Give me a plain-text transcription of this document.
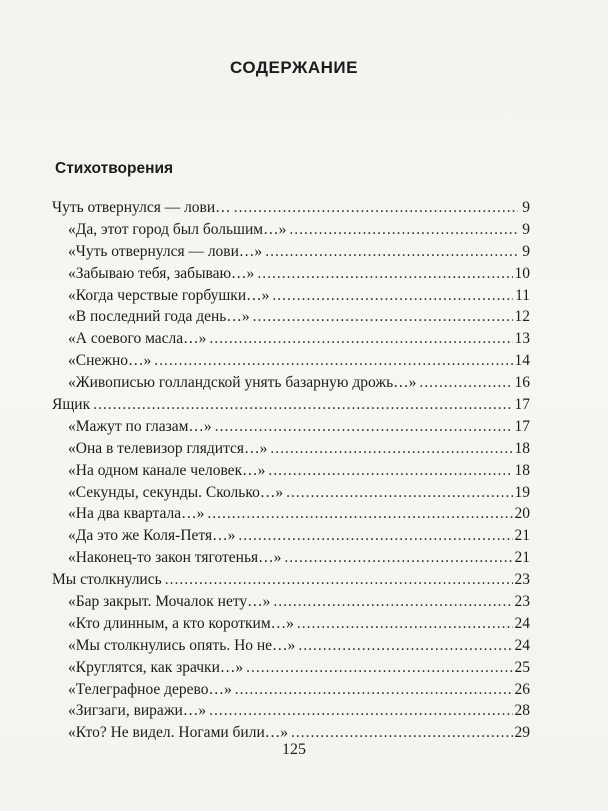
СОДЕРЖАНИЕ
Стихотворения
Чуть отвернулся — лови… .....	9
«Да, этот город был большим…» .....	9
«Чуть отвернулся — лови…» .....	9
«Забываю тебя, забываю…» .....	10
«Когда черствые горбушки…» .....	11
«В последний года день…» .....	12
«А соевого масла…» .....	13
«Снежно…» .....	14
«Живописью голландской унять базарную дрожь…» .....	16
Ящик .....	17
«Мажут по глазам…» .....	17
«Она в телевизор глядится…» .....	18
«На одном канале человек…» .....	18
«Секунды, секунды. Сколько…» .....	19
«На два квартала…» .....	20
«Да это же Коля-Петя…» .....	21
«Наконец-то закон тяготенья…» .....	21
Мы столкнулись .....	23
«Бар закрыт. Мочалок нету…» .....	23
«Кто длинным, а кто коротким…» .....	24
«Мы столкнулись опять. Но не…» .....	24
«Круглятся, как зрачки…» .....	25
«Телеграфное дерево…» .....	26
«Зигзаги, виражи…» .....	28
«Кто? Не видел. Ногами били…» .....	29
125
